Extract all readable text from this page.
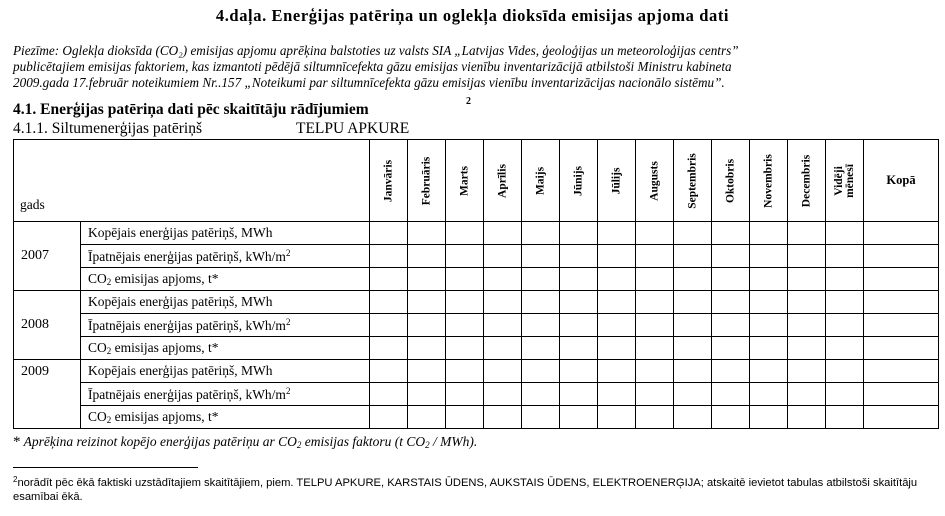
4.daļa. Enerģijas patēriņa un oglekļa dioksīda emisijas apjoma dati
Piezīme: Oglekļa dioksīda (CO₂) emisijas apjomu aprēķina balstoties uz valsts SIA „Latvijas Vides, ģeoloģijas un meteoroloģijas centrs”
publicētajiem emisijas faktoriem, kas izmantoti pēdējā siltumnīcefekta gāzu emisijas vienību inventarizācijā atbilstoši Ministru kabineta
2009.gada 17.februār noteikumiem Nr..157 „Noteikumi par siltumnīcefekta gāzu emisijas vienību inventarizācijas nacionālo sistēmu”.
4.1. Enerģijas patēriņa dati pēc skaitītāju rādījumiem	2
4.1.1. Siltumenerģijas patēriņš	TELPU APKURE
gads		Janvāris	Februāris	Marts	Aprīlis	Maijs	Jūnijs	Jūlijs	Augusts	Septembris	Oktobris	Novembris	Decembris	Vidēji mēnesī	Kopā
2007	Kopējais enerģijas patēriņš, MWh														
	Īpatnējais enerģijas patēriņš, kWh/$m^2$														
	$CO_2$ emisijas apjoms, t*														
2008	Kopējais enerģijas patēriņš, MWh														
	Īpatnējais enerģijas patēriņš, kWh/$m^2$														
	$CO_2$ emisijas apjoms, t*														
2009	Kopējais enerģijas patēriņš, MWh														
	Īpatnējais enerģijas patēriņš, kWh/$m^2$														
	$CO_2$ emisijas apjoms, t*														
* Aprēķina reizinot kopējo enerģijas patēriņu ar $CO_2$ emisijas faktoru (t $CO_2 / MWh$).
$^2$norādīt pēc ēkā faktiski uzstādītajiem skaitītājiem, piem. TELPU APKURE, KARSTAIS ŪDENS, AUKSTAIS ŪDENS, ELEKTROENERĢIJA; atskaitē ievietot tabulas atbilstoši skaitītāju esamībai ēkā.
